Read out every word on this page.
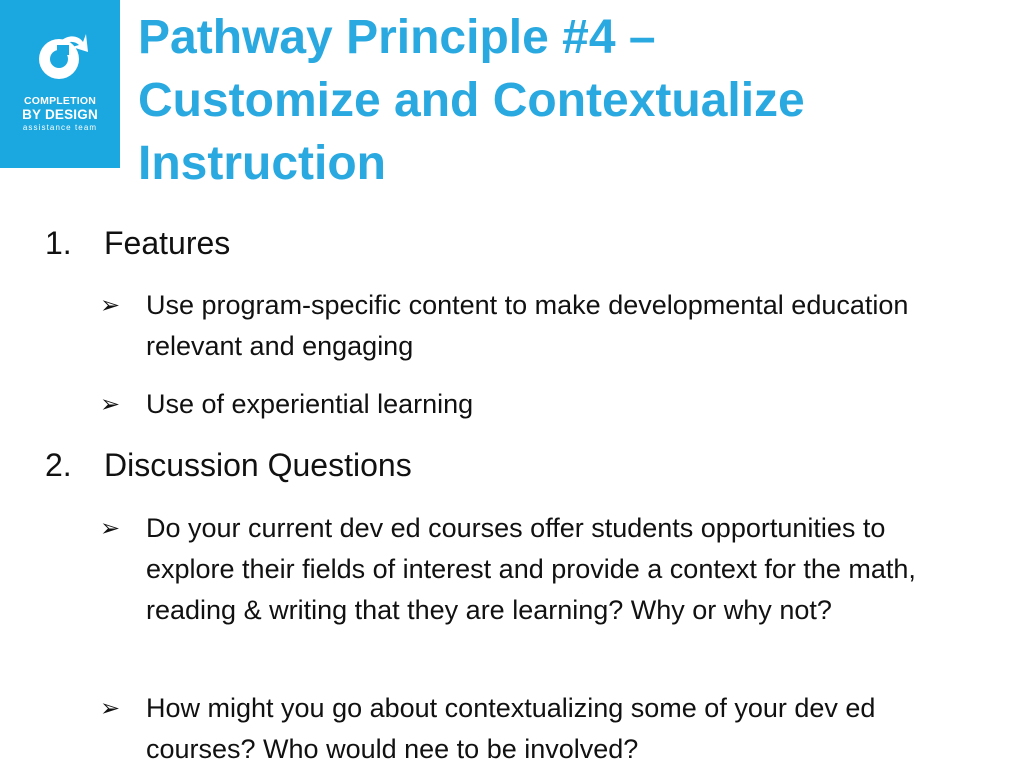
COMPLETION
BY DESIGN
assistance team
Pathway Principle #4 –
Customize and Contextualize
Instruction
1.	Features
➢ Use program-specific content to make developmental education relevant and engaging
➢ Use of experiential learning
2.	Discussion Questions
➢ Do your current dev ed courses offer students opportunities to explore their fields of interest and provide a context for the math, reading & writing that they are learning? Why or why not?
➢ How might you go about contextualizing some of your dev ed courses? Who would nee to be involved?
